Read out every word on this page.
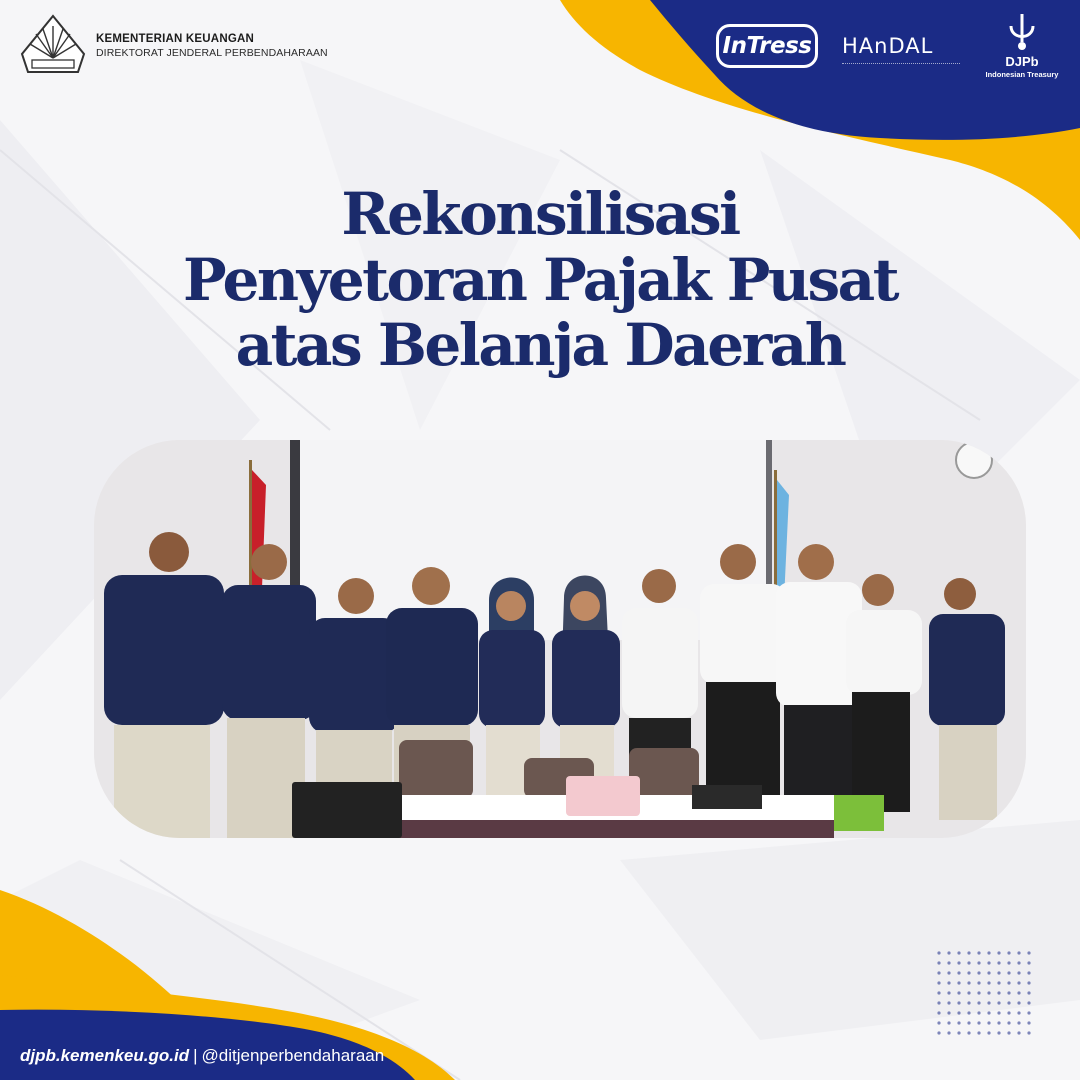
KEMENTERIAN KEUANGAN
DIREKTORAT JENDERAL PERBENDAHARAAN	InTress HAnDAL
DJPb
Indonesian Treasury
Rekonsilisasi
Penyetoran Pajak Pusat
atas Belanja Daerah
djpb.kemenkeu.go.id | @ditjenperbendaharaan
